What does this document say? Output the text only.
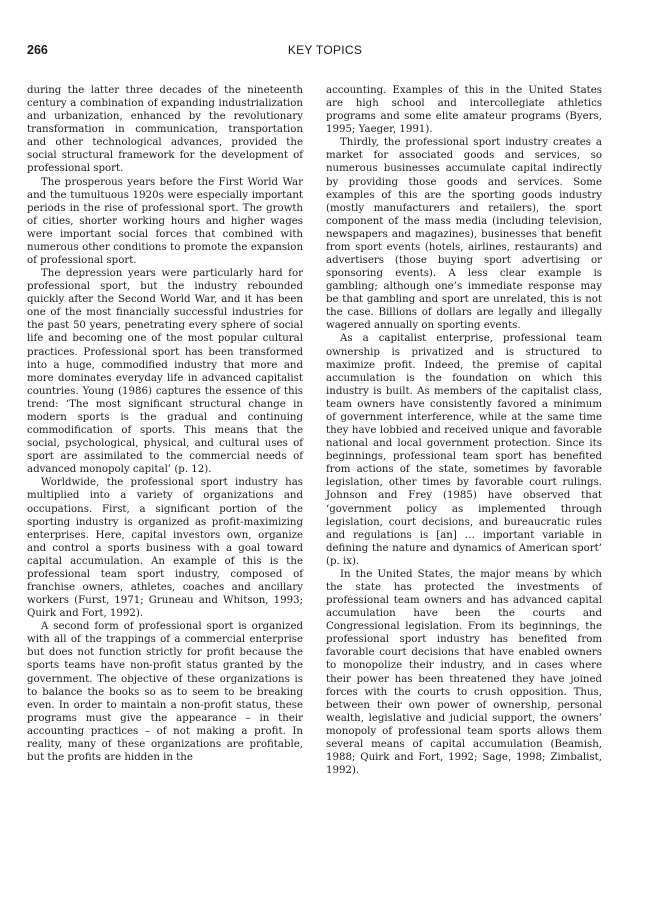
266	KEY TOPICS

during the latter three decades of the nineteenth century a combination of expanding industrialization and urbanization, enhanced by the revolutionary transformation in communication, transportation and other technological advances, provided the social structural framework for the development of professional sport.

The prosperous years before the First World War and the tumultuous 1920s were especially important periods in the rise of professional sport. The growth of cities, shorter working hours and higher wages were important social forces that combined with numerous other conditions to promote the expansion of professional sport.

The depression years were particularly hard for professional sport, but the industry rebounded quickly after the Second World War, and it has been one of the most financially successful industries for the past 50 years, penetrating every sphere of social life and becoming one of the most popular cultural practices. Professional sport has been transformed into a huge, commodified industry that more and more dominates everyday life in advanced capitalist countries. Young (1986) captures the essence of this trend: ‘The most significant structural change in modern sports is the gradual and continuing commodification of sports. This means that the social, psychological, physical, and cultural uses of sport are assimilated to the commercial needs of advanced monopoly capital’ (p. 12).

Worldwide, the professional sport industry has multiplied into a variety of organizations and occupations. First, a significant portion of the sporting industry is organized as profit-maximizing enterprises. Here, capital investors own, organize and control a sports business with a goal toward capital accumulation. An example of this is the professional team sport industry, composed of franchise owners, athletes, coaches and ancillary workers (Furst, 1971; Gruneau and Whitson, 1993; Quirk and Fort, 1992).

A second form of professional sport is organized with all of the trappings of a commercial enterprise but does not function strictly for profit because the sports teams have non-profit status granted by the government. The objective of these organizations is to balance the books so as to seem to be breaking even. In order to maintain a non-profit status, these programs must give the appearance – in their accounting practices – of not making a profit. In reality, many of these organizations are profitable, but the profits are hidden in the

accounting. Examples of this in the United States are high school and intercollegiate athletics programs and some elite amateur programs (Byers, 1995; Yaeger, 1991).

Thirdly, the professional sport industry creates a market for associated goods and services, so numerous businesses accumulate capital indirectly by providing those goods and services. Some examples of this are the sporting goods industry (mostly manufacturers and retailers), the sport component of the mass media (including television, newspapers and magazines), businesses that benefit from sport events (hotels, airlines, restaurants) and advertisers (those buying sport advertising or sponsoring events). A less clear example is gambling; although one’s immediate response may be that gambling and sport are unrelated, this is not the case. Billions of dollars are legally and illegally wagered annually on sporting events.

As a capitalist enterprise, professional team ownership is privatized and is structured to maximize profit. Indeed, the premise of capital accumulation is the foundation on which this industry is built. As members of the capitalist class, team owners have consistently favored a minimum of government interference, while at the same time they have lobbied and received unique and favorable national and local government protection. Since its beginnings, professional team sport has benefited from actions of the state, sometimes by favorable legislation, other times by favorable court rulings. Johnson and Frey (1985) have observed that ‘government policy as implemented through legislation, court decisions, and bureaucratic rules and regulations is [an] … important variable in defining the nature and dynamics of American sport’ (p. ix).

In the United States, the major means by which the state has protected the investments of professional team owners and has advanced capital accumulation have been the courts and Congressional legislation. From its beginnings, the professional sport industry has benefited from favorable court decisions that have enabled owners to monopolize their industry, and in cases where their power has been threatened they have joined forces with the courts to crush opposition. Thus, between their own power of ownership, personal wealth, legislative and judicial support, the owners’ monopoly of professional team sports allows them several means of capital accumulation (Beamish, 1988; Quirk and Fort, 1992; Sage, 1998; Zimbalist, 1992).
